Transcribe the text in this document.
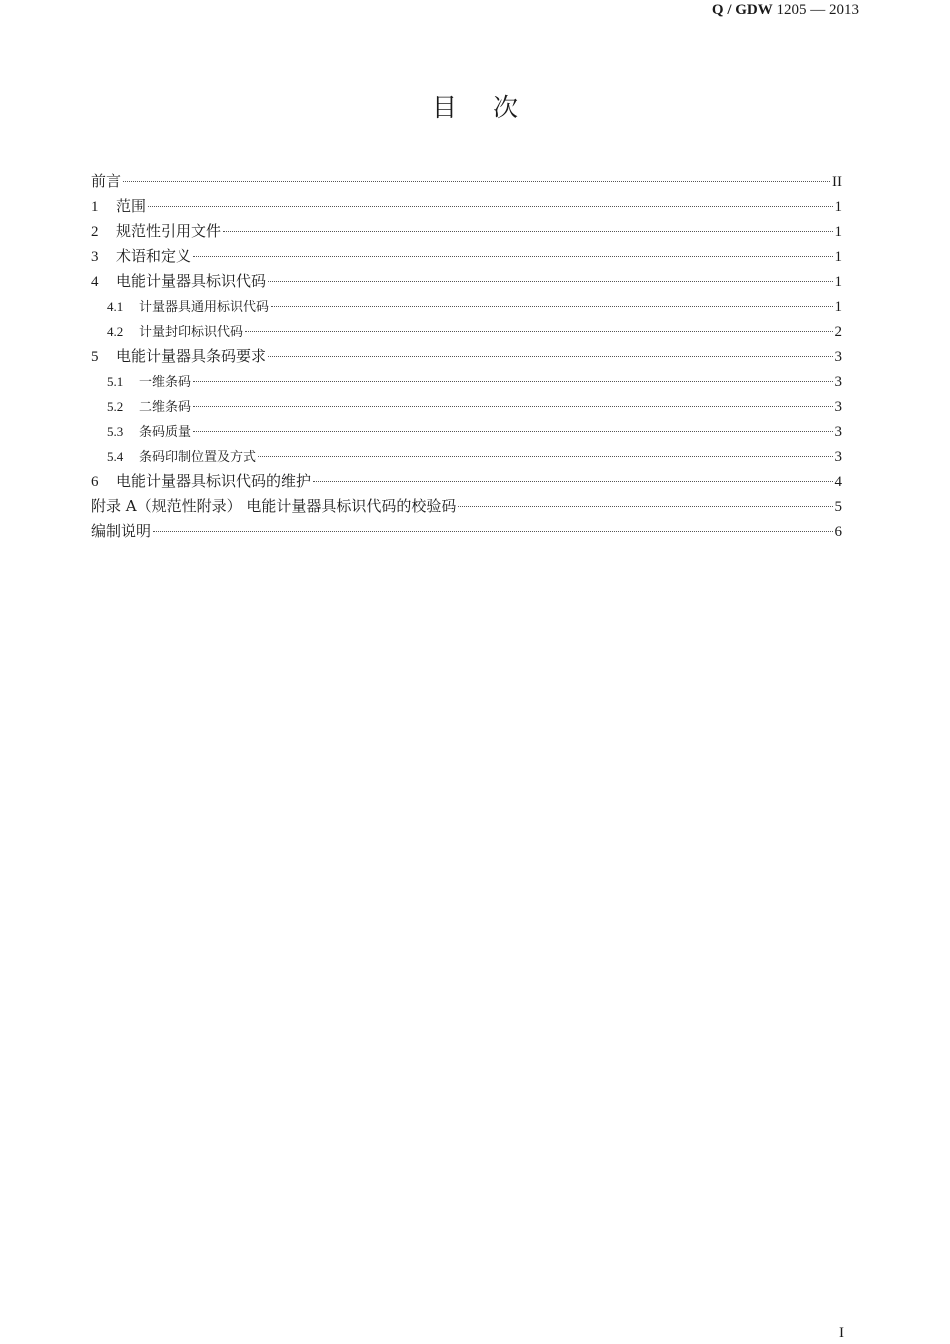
Q / GDW 1205 — 2013
目次
前言	II
1	范围	1
2	规范性引用文件	1
3	术语和定义	1
4	电能计量器具标识代码	1
4.1	计量器具通用标识代码	1
4.2	计量封印标识代码	2
5	电能计量器具条码要求	3
5.1	一维条码	3
5.2	二维条码	3
5.3	条码质量	3
5.4	条码印制位置及方式	3
6	电能计量器具标识代码的维护	4
附录 A（规范性附录） 电能计量器具标识代码的校验码	5
编制说明	6
I
